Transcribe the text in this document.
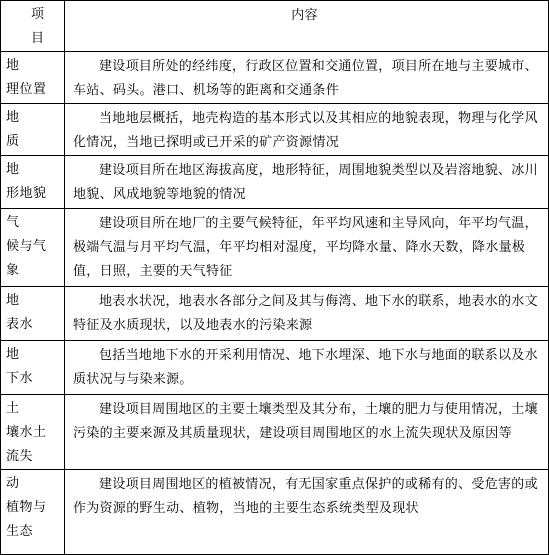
项
目	内容
地
理位置	建设项目所处的经纬度，行政区位置和交通位置，项目所在地与主要城市、车站、码头。港口、机场等的距离和交通条件
地
质	当地地层概括，地壳构造的基本形式以及其相应的地貌表现，物理与化学风化情况，当地已探明或已开采的矿产资源情况
地
形地貌	建设项目所在地区海拔高度，地形特征，周围地貌类型以及岩溶地貌、冰川地貌、风成地貌等地貌的情况
气
候与气
象	建设项目所在地厂的主要气候特征，年平均风速和主导风向，年平均气温，极端气温与月平均气温，年平均相对湿度，平均降水量、降水天数，降水量极值，日照，主要的天气特征
地
表水	地表水状况，地表水各部分之间及其与侮湾、地下水的联系，地表水的水文特征及水质现状，以及地表水的污染来源
地
下水	包括当地地下水的开采利用情况、地下水埋深、地下水与地面的联系以及水质状况与与染来源。
土
壤水土
流失	建设项目周围地区的主要土壤类型及其分布，土壤的肥力与使用情况，土壤污染的主要来源及其质量现状，建设项目周围地区的水上流失现状及原因等
动
植物与
生态	建设项目周围地区的植被情况，有无国家重点保护的或稀有的、受危害的或作为资源的野生动、植物，当地的主要生态系统类型及现状
